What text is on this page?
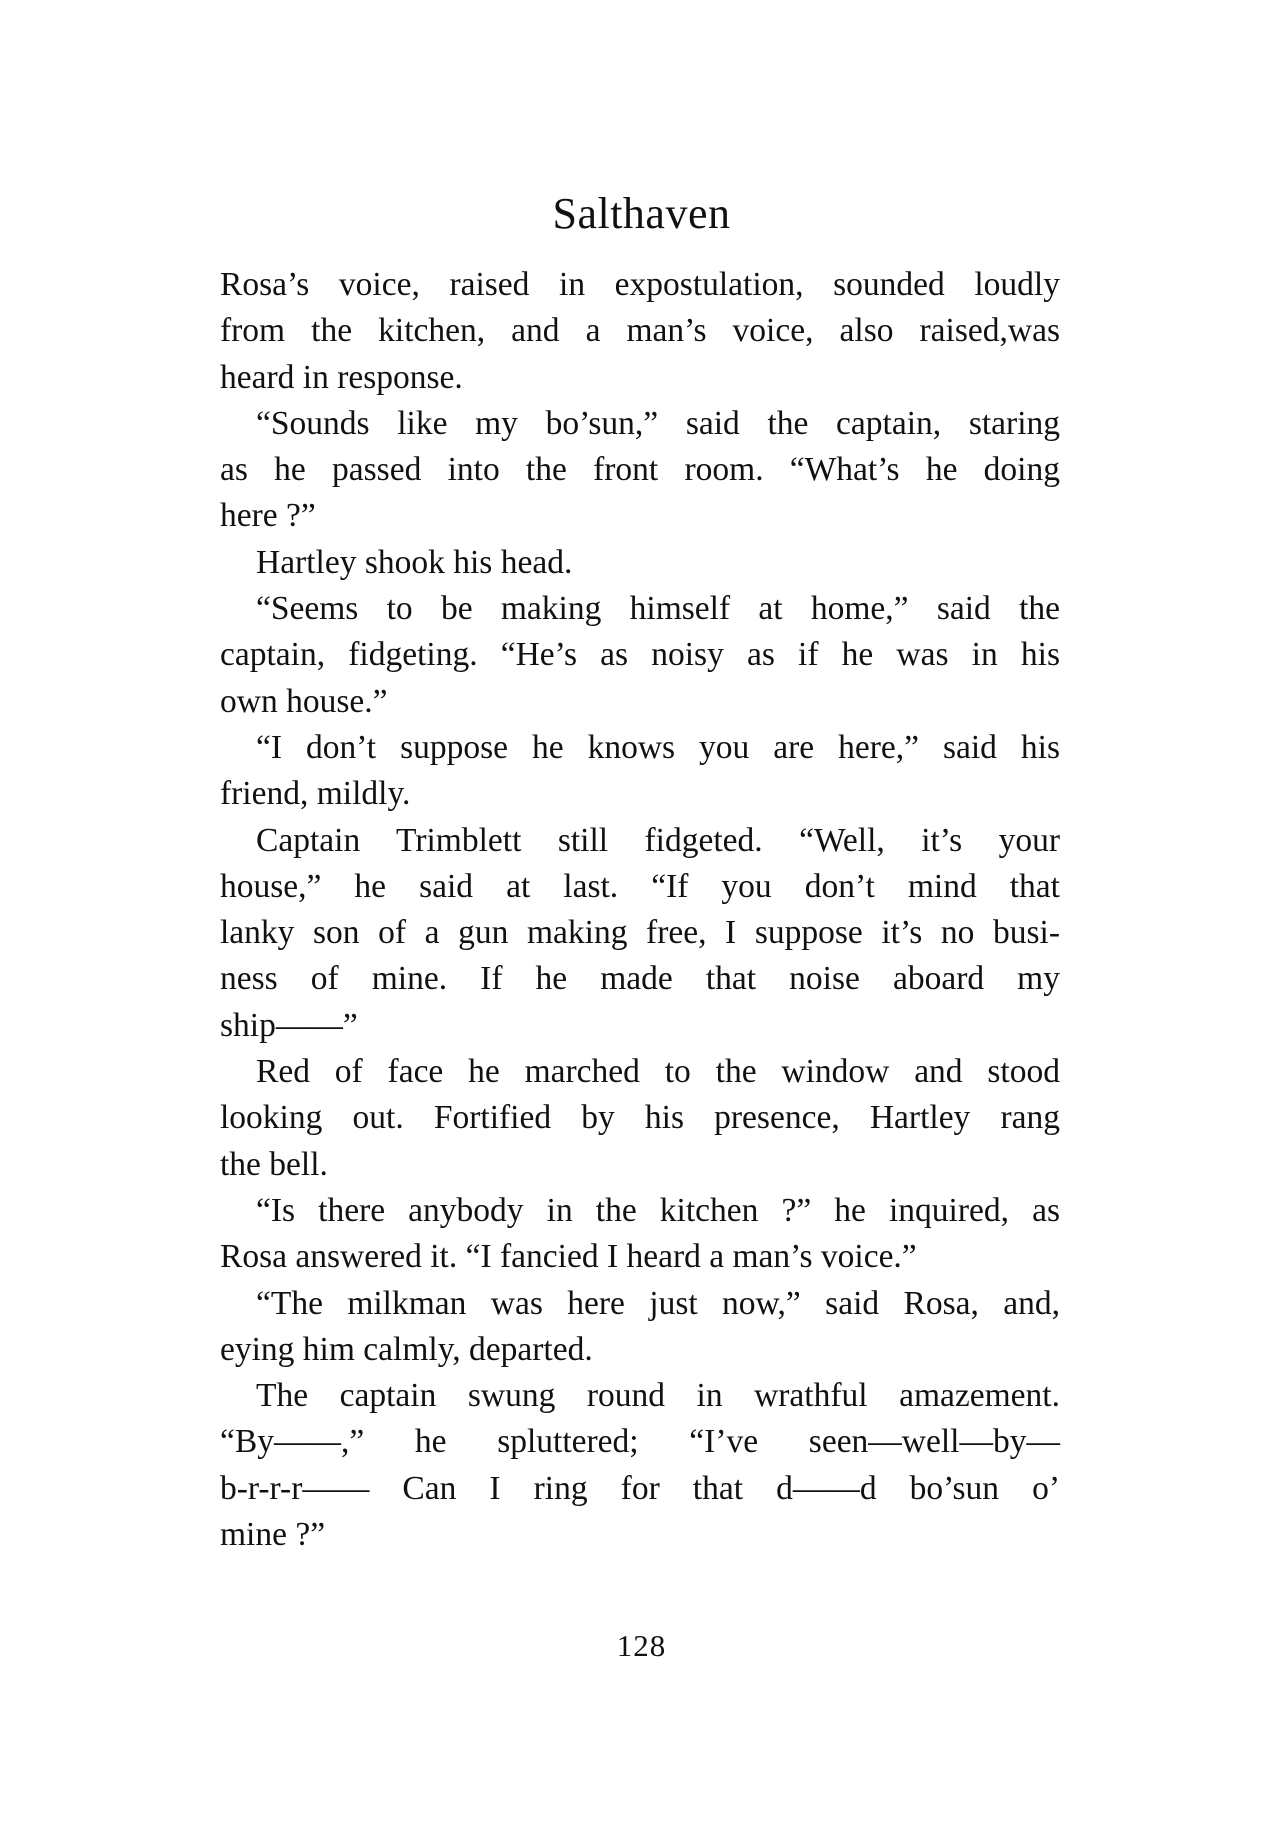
Salthaven
Rosa’s voice, raised in expostulation, sounded loudly
from the kitchen, and a man’s voice, also raised,was
heard in response.
“Sounds like my bo’sun,” said the captain, staring
as he passed into the front room. “What’s he doing
here ?”
Hartley shook his head.
“Seems to be making himself at home,” said the
captain, fidgeting. “He’s as noisy as if he was in his
own house.”
“I don’t suppose he knows you are here,” said his
friend, mildly.
Captain Trimblett still fidgeted. “Well, it’s your
house,” he said at last. “If you don’t mind that
lanky son of a gun making free, I suppose it’s no busi-
ness of mine. If he made that noise aboard my
ship——”
Red of face he marched to the window and stood
looking out. Fortified by his presence, Hartley rang
the bell.
“Is there anybody in the kitchen ?” he inquired, as
Rosa answered it. “I fancied I heard a man’s voice.”
“The milkman was here just now,” said Rosa, and,
eying him calmly, departed.
The captain swung round in wrathful amazement.
“By——,” he spluttered; “I’ve seen—well—by—
b-r-r-r—— Can I ring for that d——d bo’sun o’
mine ?”
128
